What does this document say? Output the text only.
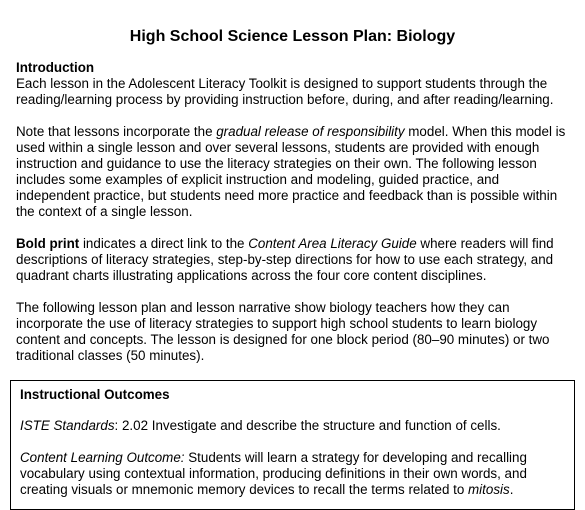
High School Science Lesson Plan: Biology
Introduction

Each lesson in the Adolescent Literacy Toolkit is designed to support students through the reading/learning process by providing instruction before, during, and after reading/learning.

Note that lessons incorporate the gradual release of responsibility model. When this model is used within a single lesson and over several lessons, students are provided with enough instruction and guidance to use the literacy strategies on their own. The following lesson includes some examples of explicit instruction and modeling, guided practice, and independent practice, but students need more practice and feedback than is possible within the context of a single lesson.

Bold print indicates a direct link to the Content Area Literacy Guide where readers will find descriptions of literacy strategies, step-by-step directions for how to use each strategy, and quadrant charts illustrating applications across the four core content disciplines.

The following lesson plan and lesson narrative show biology teachers how they can incorporate the use of literacy strategies to support high school students to learn biology content and concepts. The lesson is designed for one block period (80–90 minutes) or two traditional classes (50 minutes).

Instructional Outcomes

ISTE Standards: 2.02 Investigate and describe the structure and function of cells.

Content Learning Outcome: Students will learn a strategy for developing and recalling vocabulary using contextual information, producing definitions in their own words, and creating visuals or mnemonic memory devices to recall the terms related to mitosis.
